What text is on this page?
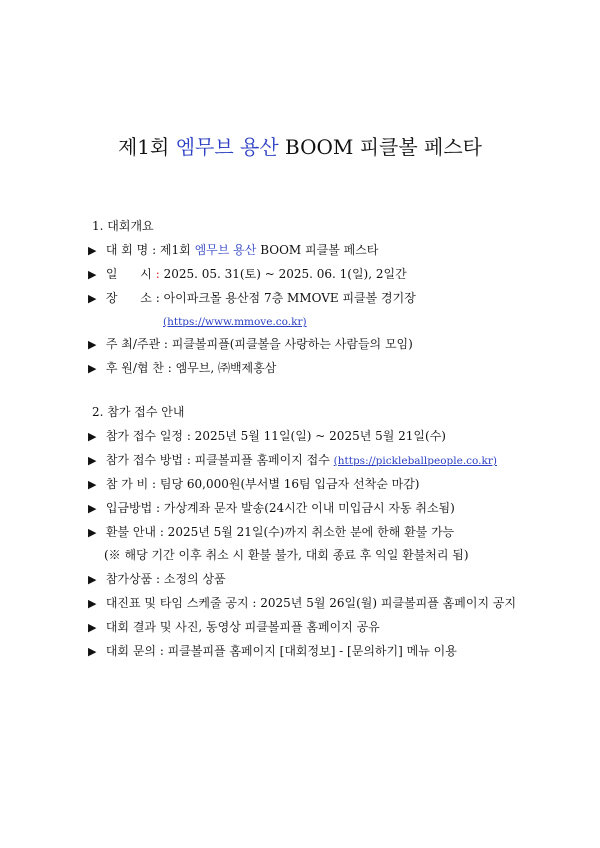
제1회 엠무브 용산 BOOM 피클볼 페스타
1. 대회개요
▶ 대 회 명 : 제1회 엠무브 용산 BOOM 피클볼 페스타
▶ 일      시 : 2025. 05. 31(토) ~ 2025. 06. 1(일), 2일간
▶ 장      소 : 아이파크몰 용산점 7층 MMOVE 피클볼 경기장
(https://www.mmove.co.kr)
▶ 주 최/주관 : 피클볼피플(피클볼을 사랑하는 사람들의 모임)
▶ 후 원/협 찬 : 엠무브, ㈜백제홍삼
2. 참가 접수 안내
▶ 참가 접수 일정 : 2025년 5월 11일(일) ~ 2025년 5월 21일(수)
▶ 참가 접수 방법 : 피클볼피플 홈페이지 접수 (https://pickleballpeople.co.kr)
▶ 참 가 비 : 팀당 60,000원(부서별 16팀 입금자 선착순 마감)
▶ 입금방법 : 가상계좌 문자 발송(24시간 이내 미입금시 자동 취소됨)
▶ 환불 안내 : 2025년 5월 21일(수)까지 취소한 분에 한해 환불 가능
(※ 해당 기간 이후 취소 시 환불 불가, 대회 종료 후 익일 환불처리 됨)
▶ 참가상품 : 소정의 상품
▶ 대진표 및 타임 스케줄 공지 : 2025년 5월 26일(월) 피클볼피플 홈페이지 공지
▶ 대회 결과 및 사진, 동영상 피클볼피플 홈페이지 공유
▶ 대회 문의 : 피클볼피플 홈페이지 [대회정보] - [문의하기] 메뉴 이용
